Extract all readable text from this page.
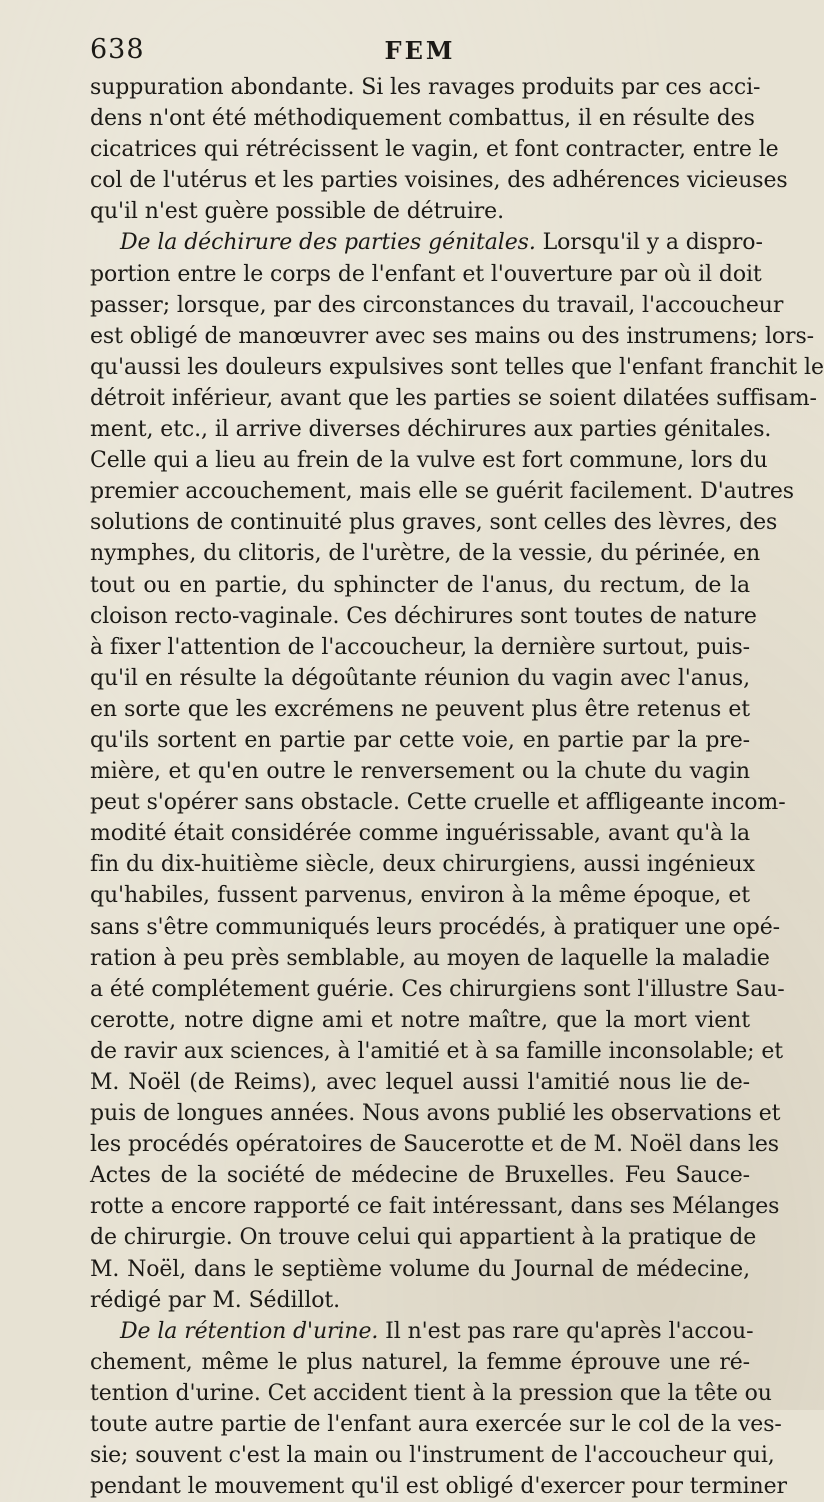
638	FEM
suppuration abondante. Si les ravages produits par ces acci-
dens n'ont été méthodiquement combattus, il en résulte des
cicatrices qui rétrécissent le vagin, et font contracter, entre le
col de l'utérus et les parties voisines, des adhérences vicieuses
qu'il n'est guère possible de détruire.
De la déchirure des parties génitales. Lorsqu'il y a dispro-
portion entre le corps de l'enfant et l'ouverture par où il doit
passer; lorsque, par des circonstances du travail, l'accoucheur
est obligé de manœuvrer avec ses mains ou des instrumens; lors-
qu'aussi les douleurs expulsives sont telles que l'enfant franchit le
détroit inférieur, avant que les parties se soient dilatées suffisam-
ment, etc., il arrive diverses déchirures aux parties génitales.
Celle qui a lieu au frein de la vulve est fort commune, lors du
premier accouchement, mais elle se guérit facilement. D'autres
solutions de continuité plus graves, sont celles des lèvres, des
nymphes, du clitoris, de l'urètre, de la vessie, du périnée, en
tout ou en partie, du sphincter de l'anus, du rectum, de la
cloison recto-vaginale. Ces déchirures sont toutes de nature
à fixer l'attention de l'accoucheur, la dernière surtout, puis-
qu'il en résulte la dégoûtante réunion du vagin avec l'anus,
en sorte que les excrémens ne peuvent plus être retenus et
qu'ils sortent en partie par cette voie, en partie par la pre-
mière, et qu'en outre le renversement ou la chute du vagin
peut s'opérer sans obstacle. Cette cruelle et affligeante incom-
modité était considérée comme inguérissable, avant qu'à la
fin du dix-huitième siècle, deux chirurgiens, aussi ingénieux
qu'habiles, fussent parvenus, environ à la même époque, et
sans s'être communiqués leurs procédés, à pratiquer une opé-
ration à peu près semblable, au moyen de laquelle la maladie
a été complétement guérie. Ces chirurgiens sont l'illustre Sau-
cerotte, notre digne ami et notre maître, que la mort vient
de ravir aux sciences, à l'amitié et à sa famille inconsolable; et
M. Noël (de Reims), avec lequel aussi l'amitié nous lie de-
puis de longues années. Nous avons publié les observations et
les procédés opératoires de Saucerotte et de M. Noël dans les
Actes de la société de médecine de Bruxelles. Feu Sauce-
rotte a encore rapporté ce fait intéressant, dans ses Mélanges
de chirurgie. On trouve celui qui appartient à la pratique de
M. Noël, dans le septième volume du Journal de médecine,
rédigé par M. Sédillot.
De la rétention d'urine. Il n'est pas rare qu'après l'accou-
chement, même le plus naturel, la femme éprouve une ré-
tention d'urine. Cet accident tient à la pression que la tête ou
toute autre partie de l'enfant aura exercée sur le col de la ves-
sie; souvent c'est la main ou l'instrument de l'accoucheur qui,
pendant le mouvement qu'il est obligé d'exercer pour terminer
